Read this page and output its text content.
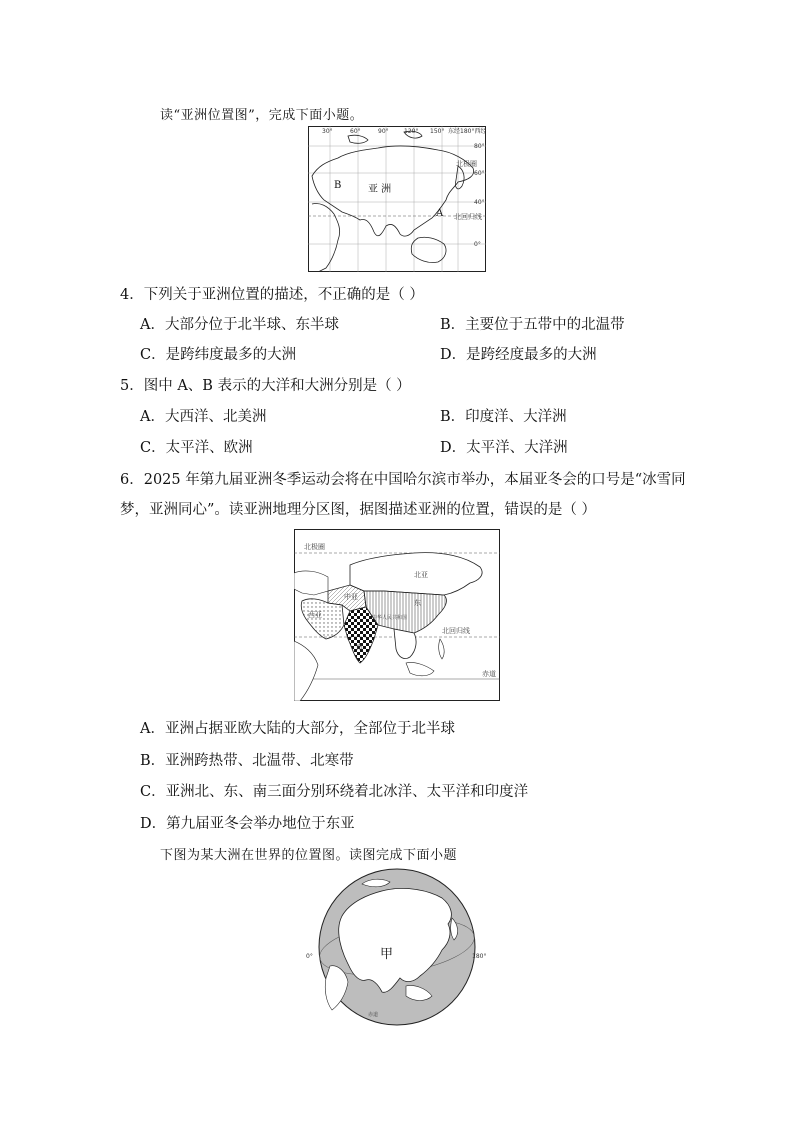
读“亚洲位置图”，完成下面小题。
30°	60°	90°	120° 150° 东经180°西经
80°
60°
40°
0°
北极圈
北回归线
亚 洲
B
A
4．下列关于亚洲位置的描述，不正确的是（ ）
A．大部分位于北半球、东半球	B．主要位于五带中的北温带
C．是跨纬度最多的大洲	D．是跨经度最多的大洲
5．图中 A、B 表示的大洋和大洲分别是（ ）
A．大西洋、北美洲	B．印度洋、大洋洲
C．太平洋、欧洲	D．太平洋、大洋洲
6．2025 年第九届亚洲冬季运动会将在中国哈尔滨市举办，本届亚冬会的口号是“冰雪同
梦，亚洲同心”。读亚洲地理分区图，据图描述亚洲的位置，错误的是（ ）
北极圈
北亚
中亚
东
西亚
南
中华人民共和国
北回归线
赤道
A．亚洲占据亚欧大陆的大部分，全部位于北半球
B．亚洲跨热带、北温带、北寒带
C．亚洲北、东、南三面分别环绕着北冰洋、太平洋和印度洋
D．第九届亚冬会举办地位于东亚
下图为某大洲在世界的位置图。读图完成下面小题
甲
0°	180°
赤道
